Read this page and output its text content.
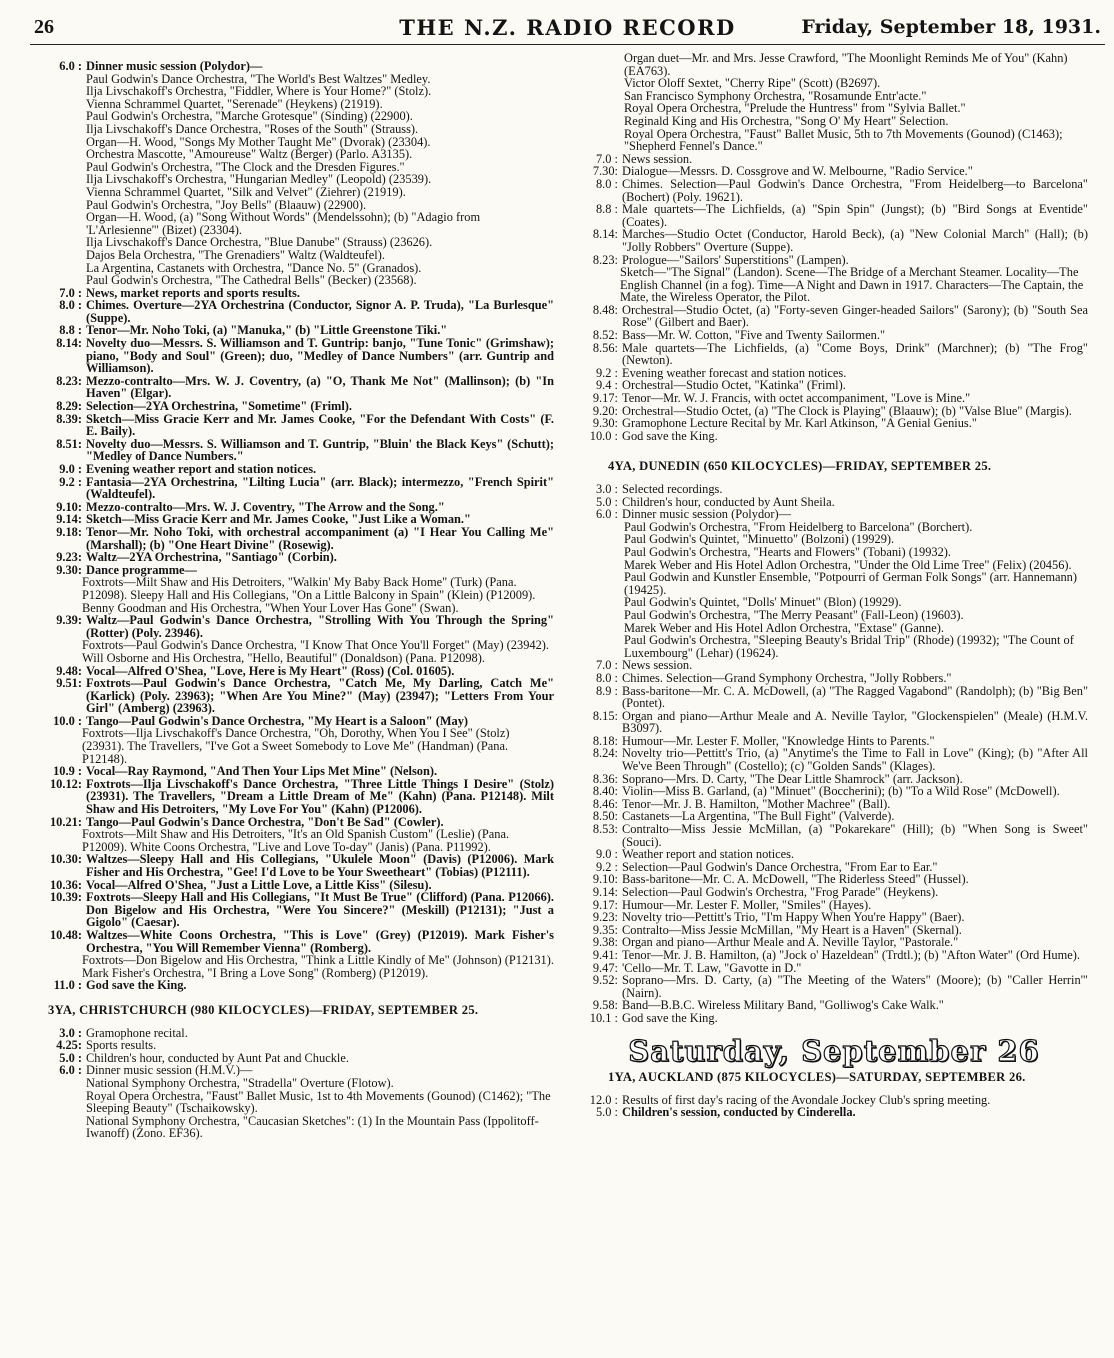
26	THE N.Z. RADIO RECORD	Friday, September 18, 1931.
6.0 : Dinner music session (Polydor)—
Paul Godwin's Dance Orchestra, "The World's Best Waltzes" Medley.
Ilja Livschakoff's Orchestra, "Fiddler, Where is Your Home?" (Stolz).
Vienna Schrammel Quartet, "Serenade" (Heykens) (21919).
Paul Godwin's Orchestra, "Marche Grotesque" (Sinding) (22900).
Ilja Livschakoff's Dance Orchestra, "Roses of the South" (Strauss).
Organ—H. Wood, "Songs My Mother Taught Me" (Dvorak) (23304).
Orchestra Mascotte, "Amoureuse" Waltz (Berger) (Parlo. A3135).
Paul Godwin's Orchestra, "The Clock and the Dresden Figures."
Ilja Livschakoff's Orchestra, "Hungarian Medley" (Leopold) (23539).
Vienna Schrammel Quartet, "Silk and Velvet" (Ziehrer) (21919).
Paul Godwin's Orchestra, "Joy Bells" (Blaauw) (22900).
Organ—H. Wood, (a) "Song Without Words" (Mendelssohn); (b) "Adagio from 'L'Arlesienne'" (Bizet) (23304).
Ilja Livschakoff's Dance Orchestra, "Blue Danube" (Strauss) (23626).
Dajos Bela Orchestra, "The Grenadiers" Waltz (Waldteufel).
La Argentina, Castanets with Orchestra, "Dance No. 5" (Granados).
Paul Godwin's Orchestra, "The Cathedral Bells" (Becker) (23568).
7.0 : News, market reports and sports results.
8.0 : Chimes. Overture—2YA Orchestrina (Conductor, Signor A. P. Truda), "La Burlesque" (Suppe).
8.8 : Tenor—Mr. Noho Toki, (a) "Manuka," (b) "Little Greenstone Tiki."
8.14: Novelty duo—Messrs. S. Williamson and T. Guntrip: banjo, "Tune Tonic" (Grimshaw); piano, "Body and Soul" (Green); duo, "Medley of Dance Numbers" (arr. Guntrip and Williamson).
8.23: Mezzo-contralto—Mrs. W. J. Coventry, (a) "O, Thank Me Not" (Mallinson); (b) "In Haven" (Elgar).
8.29: Selection—2YA Orchestrina, "Sometime" (Friml).
8.39: Sketch—Miss Gracie Kerr and Mr. James Cooke, "For the Defendant With Costs" (F. E. Baily).
8.51: Novelty duo—Messrs. S. Williamson and T. Guntrip, "Bluin' the Black Keys" (Schutt); "Medley of Dance Numbers."
9.0 : Evening weather report and station notices.
9.2 : Fantasia—2YA Orchestrina, "Lilting Lucia" (arr. Black); intermezzo, "French Spirit" (Waldteufel).
9.10: Mezzo-contralto—Mrs. W. J. Coventry, "The Arrow and the Song."
9.14: Sketch—Miss Gracie Kerr and Mr. James Cooke, "Just Like a Woman."
9.18: Tenor—Mr. Noho Toki, with orchestral accompaniment (a) "I Hear You Calling Me" (Marshall); (b) "One Heart Divine" (Rosewig).
9.23: Waltz—2YA Orchestrina, "Santiago" (Corbin).
9.30: Dance programme—
Foxtrots—Milt Shaw and His Detroiters, "Walkin' My Baby Back Home" (Turk) (Pana. P12098). Sleepy Hall and His Collegians, "On a Little Balcony in Spain" (Klein) (P12009). Benny Goodman and His Orchestra, "When Your Lover Has Gone" (Swan).
9.39: Waltz—Paul Godwin's Dance Orchestra, "Strolling With You Through the Spring" (Rotter) (Poly. 23946).
Foxtrots—Paul Godwin's Dance Orchestra, "I Know That Once You'll Forget" (May) (23942). Will Osborne and His Orchestra, "Hello, Beautiful" (Donaldson) (Pana. P12098).
9.48: Vocal—Alfred O'Shea, "Love, Here is My Heart" (Ross) (Col. 01605).
9.51: Foxtrots—Paul Godwin's Dance Orchestra, "Catch Me, My Darling, Catch Me" (Karlick) (Poly. 23963); "When Are You Mine?" (May) (23947); "Letters From Your Girl" (Amberg) (23963).
10.0 : Tango—Paul Godwin's Dance Orchestra, "My Heart is a Saloon" (May)
Foxtrots—Ilja Livschakoff's Dance Orchestra, "Oh, Dorothy, When You I See" (Stolz) (23931). The Travellers, "I've Got a Sweet Somebody to Love Me" (Handman) (Pana. P12148).
10.9 : Vocal—Ray Raymond, "And Then Your Lips Met Mine" (Nelson).
10.12: Foxtrots—Ilja Livschakoff's Dance Orchestra, "Three Little Things I Desire" (Stolz) (23931). The Travellers, "Dream a Little Dream of Me" (Kahn) (Pana. P12148). Milt Shaw and His Detroiters, "My Love For You" (Kahn) (P12006).
10.21: Tango—Paul Godwin's Dance Orchestra, "Don't Be Sad" (Cowler).
Foxtrots—Milt Shaw and His Detroiters, "It's an Old Spanish Custom" (Leslie) (Pana. P12009). White Coons Orchestra, "Live and Love To-day" (Janis) (Pana. P11992).
10.30: Waltzes—Sleepy Hall and His Collegians, "Ukulele Moon" (Davis) (P12006). Mark Fisher and His Orchestra, "Gee! I'd Love to be Your Sweetheart" (Tobias) (P12111).
10.36: Vocal—Alfred O'Shea, "Just a Little Love, a Little Kiss" (Silesu).
10.39: Foxtrots—Sleepy Hall and His Collegians, "It Must Be True" (Clifford) (Pana. P12066). Don Bigelow and His Orchestra, "Were You Sincere?" (Meskill) (P12131); "Just a Gigolo" (Caesar).
10.48: Waltzes—White Coons Orchestra, "This is Love" (Grey) (P12019). Mark Fisher's Orchestra, "You Will Remember Vienna" (Romberg).
Foxtrots—Don Bigelow and His Orchestra, "Think a Little Kindly of Me" (Johnson) (P12131). Mark Fisher's Orchestra, "I Bring a Love Song" (Romberg) (P12019).
11.0 : God save the King.
3YA, CHRISTCHURCH (980 KILOCYCLES)—FRIDAY, SEPTEMBER 25.
3.0 : Gramophone recital.
4.25: Sports results.
5.0 : Children's hour, conducted by Aunt Pat and Chuckle.
6.0 : Dinner music session (H.M.V.)—
National Symphony Orchestra, "Stradella" Overture (Flotow).
Royal Opera Orchestra, "Faust" Ballet Music, 1st to 4th Movements (Gounod) (C1462); "The Sleeping Beauty" (Tschaikowsky).
National Symphony Orchestra, "Caucasian Sketches": (1) In the Mountain Pass (Ippolitoff-Iwanoff) (Zono. EF36).
Organ duet—Mr. and Mrs. Jesse Crawford, "The Moonlight Reminds Me of You" (Kahn) (EA763).
Victor Oloff Sextet, "Cherry Ripe" (Scott) (B2697).
San Francisco Symphony Orchestra, "Rosamunde Entr'acte."
Royal Opera Orchestra, "Prelude the Huntress" from "Sylvia Ballet."
Reginald King and His Orchestra, "Song O' My Heart" Selection.
Royal Opera Orchestra, "Faust" Ballet Music, 5th to 7th Movements (Gounod) (C1463); "Shepherd Fennel's Dance."
7.0 : News session.
7.30: Dialogue—Messrs. D. Cossgrove and W. Melbourne, "Radio Service."
8.0 : Chimes. Selection—Paul Godwin's Dance Orchestra, "From Heidelberg—to Barcelona" (Bochert) (Poly. 19621).
8.8 : Male quartets—The Lichfields, (a) "Spin Spin" (Jungst); (b) "Bird Songs at Eventide" (Coates).
8.14: Marches—Studio Octet (Conductor, Harold Beck), (a) "New Colonial March" (Hall); (b) "Jolly Robbers" Overture (Suppe).
8.23: Prologue—"Sailors' Superstitions" (Lampen).
Sketch—"The Signal" (Landon). Scene—The Bridge of a Merchant Steamer. Locality—The English Channel (in a fog). Time—A Night and Dawn in 1917. Characters—The Captain, the Mate, the Wireless Operator, the Pilot.
8.48: Orchestral—Studio Octet, (a) "Forty-seven Ginger-headed Sailors" (Sarony); (b) "South Sea Rose" (Gilbert and Baer).
8.52: Bass—Mr. W. Cotton, "Five and Twenty Sailormen."
8.56: Male quartets—The Lichfields, (a) "Come Boys, Drink" (Marchner); (b) "The Frog" (Newton).
9.2 : Evening weather forecast and station notices.
9.4 : Orchestral—Studio Octet, "Katinka" (Friml).
9.17: Tenor—Mr. W. J. Francis, with octet accompaniment, "Love is Mine."
9.20: Orchestral—Studio Octet, (a) "The Clock is Playing" (Blaauw); (b) "Valse Blue" (Margis).
9.30: Gramophone Lecture Recital by Mr. Karl Atkinson, "A Genial Genius."
10.0 : God save the King.
4YA, DUNEDIN (650 KILOCYCLES)—FRIDAY, SEPTEMBER 25.
3.0 : Selected recordings.
5.0 : Children's hour, conducted by Aunt Sheila.
6.0 : Dinner music session (Polydor)—
Paul Godwin's Orchestra, "From Heidelberg to Barcelona" (Borchert).
Paul Godwin's Quintet, "Minuetto" (Bolzoni) (19929).
Paul Godwin's Orchestra, "Hearts and Flowers" (Tobani) (19932).
Marek Weber and His Hotel Adlon Orchestra, "Under the Old Lime Tree" (Felix) (20456).
Paul Godwin and Kunstler Ensemble, "Potpourri of German Folk Songs" (arr. Hannemann) (19425).
Paul Godwin's Quintet, "Dolls' Minuet" (Blon) (19929).
Paul Godwin's Orchestra, "The Merry Peasant" (Fall-Leon) (19603).
Marek Weber and His Hotel Adlon Orchestra, "Extase" (Ganne).
Paul Godwin's Orchestra, "Sleeping Beauty's Bridal Trip" (Rhode) (19932); "The Count of Luxembourg" (Lehar) (19624).
7.0 : News session.
8.0 : Chimes. Selection—Grand Symphony Orchestra, "Jolly Robbers."
8.9 : Bass-baritone—Mr. C. A. McDowell, (a) "The Ragged Vagabond" (Randolph); (b) "Big Ben" (Pontet).
8.15: Organ and piano—Arthur Meale and A. Neville Taylor, "Glockenspielen" (Meale) (H.M.V. B3097).
8.18: Humour—Mr. Lester F. Moller, "Knowledge Hints to Parents."
8.24: Novelty trio—Pettitt's Trio, (a) "Anytime's the Time to Fall in Love" (King); (b) "After All We've Been Through" (Costello); (c) "Golden Sands" (Klages).
8.36: Soprano—Mrs. D. Carty, "The Dear Little Shamrock" (arr. Jackson).
8.40: Violin—Miss B. Garland, (a) "Minuet" (Boccherini); (b) "To a Wild Rose" (McDowell).
8.46: Tenor—Mr. J. B. Hamilton, "Mother Machree" (Ball).
8.50: Castanets—La Argentina, "The Bull Fight" (Valverde).
8.53: Contralto—Miss Jessie McMillan, (a) "Pokarekare" (Hill); (b) "When Song is Sweet" (Souci).
9.0 : Weather report and station notices.
9.2 : Selection—Paul Godwin's Dance Orchestra, "From Ear to Ear."
9.10: Bass-baritone—Mr. C. A. McDowell, "The Riderless Steed" (Hussel).
9.14: Selection—Paul Godwin's Orchestra, "Frog Parade" (Heykens).
9.17: Humour—Mr. Lester F. Moller, "Smiles" (Hayes).
9.23: Novelty trio—Pettitt's Trio, "I'm Happy When You're Happy" (Baer).
9.35: Contralto—Miss Jessie McMillan, "My Heart is a Haven" (Skernal).
9.38: Organ and piano—Arthur Meale and A. Neville Taylor, "Pastorale."
9.41: Tenor—Mr. J. B. Hamilton, (a) "Jock o' Hazeldean" (Trdtl.); (b) "Afton Water" (Ord Hume).
9.47: 'Cello—Mr. T. Law, "Gavotte in D."
9.52: Soprano—Mrs. D. Carty, (a) "The Meeting of the Waters" (Moore); (b) "Caller Herrin'" (Nairn).
9.58: Band—B.B.C. Wireless Military Band, "Golliwog's Cake Walk."
10.1 : God save the King.
Saturday, September 26
1YA, AUCKLAND (875 KILOCYCLES)—SATURDAY, SEPTEMBER 26.
12.0 : Results of first day's racing of the Avondale Jockey Club's spring meeting.
5.0 : Children's session, conducted by Cinderella.
